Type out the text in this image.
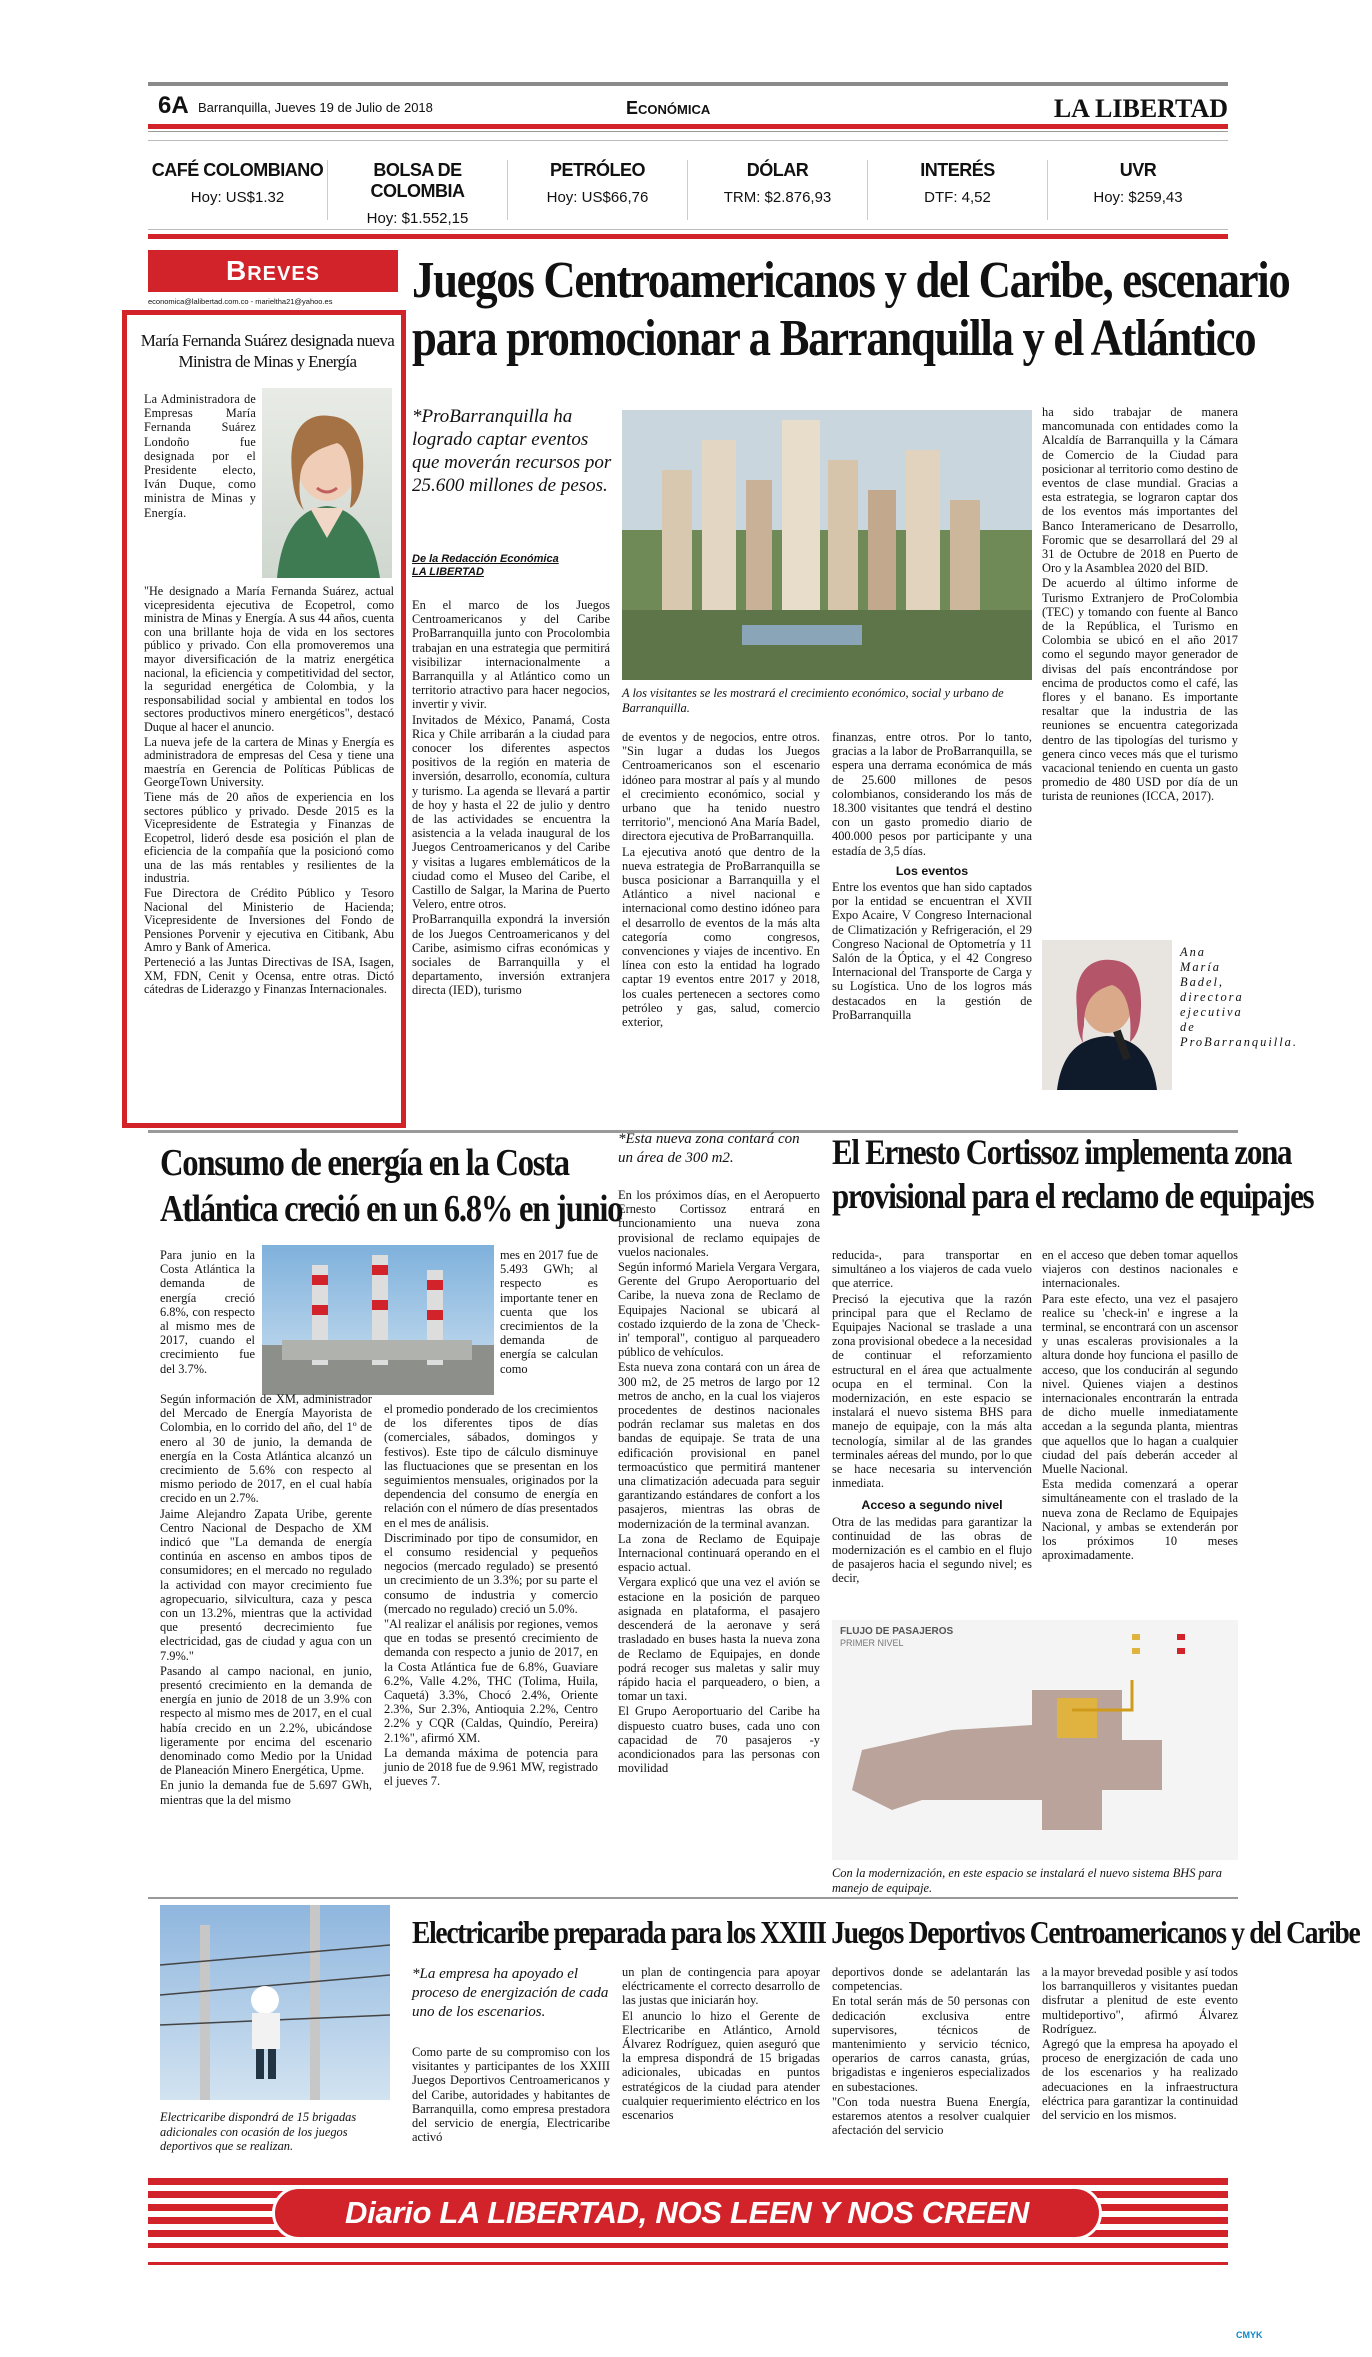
6A Barranquilla, Jueves 19 de Julio de 2018	Económica	LA LIBERTAD
CAFÉ COLOMBIANO
Hoy: US$1.32
BOLSA DE COLOMBIA
Hoy: $1.552,15
PETRÓLEO
Hoy: US$66,76
DÓLAR
TRM: $2.876,93
INTERÉS
DTF: 4,52
UVR
Hoy: $259,43
Breves
economica@lalibertad.com.co - marieltha21@yahoo.es
María Fernanda Suárez designada nueva Ministra de Minas y Energía

La Administradora de Empresas María Fernanda Suárez Londoño fue designada por el Presidente electo, Iván Duque, como ministra de Minas y Energía.

"He designado a María Fernanda Suárez, actual vicepresidenta ejecutiva de Ecopetrol, como ministra de Minas y Energía. A sus 44 años, cuenta con una brillante hoja de vida en los sectores público y privado. Con ella promoveremos una mayor diversificación de la matriz energética nacional, la eficiencia y competitividad del sector, la seguridad energética de Colombia, y la responsabilidad social y ambiental en todos los sectores productivos minero energéticos", destacó Duque al hacer el anuncio.

La nueva jefe de la cartera de Minas y Energía es administradora de empresas del Cesa y tiene una maestría en Gerencia de Políticas Públicas de GeorgeTown University.

Tiene más de 20 años de experiencia en los sectores público y privado. Desde 2015 es la Vicepresidente de Estrategia y Finanzas de Ecopetrol, lideró desde esa posición el plan de eficiencia de la compañía que la posicionó como una de las más rentables y resilientes de la industria.

Fue Directora de Crédito Público y Tesoro Nacional del Ministerio de Hacienda; Vicepresidente de Inversiones del Fondo de Pensiones Porvenir y ejecutiva en Citibank, Abu Amro y Bank of America.

Perteneció a las Juntas Directivas de ISA, Isagen, XM, FDN, Cenit y Ocensa, entre otras. Dictó cátedras de Liderazgo y Finanzas Internacionales.

Juegos Centroamericanos y del Caribe, escenario
para promocionar a Barranquilla y el Atlántico
*ProBarranquilla ha logrado captar eventos que moverán recursos por 25.600 millones de pesos.
De la Redacción Económica
LA LIBERTAD

En el marco de los Juegos Centroamericanos y del Caribe ProBarranquilla junto con Procolombia trabajan en una estrategia que permitirá visibilizar internacionalmente a Barranquilla y al Atlántico como un territorio atractivo para hacer negocios, invertir y vivir.

Invitados de México, Panamá, Costa Rica y Chile arribarán a la ciudad para conocer los diferentes aspectos positivos de la región en materia de inversión, desarrollo, economía, cultura y turismo. La agenda se llevará a partir de hoy y hasta el 22 de julio y dentro de las actividades se encuentra la asistencia a la velada inaugural de los Juegos Centroamericanos y del Caribe y visitas a lugares emblemáticos de la ciudad como el Museo del Caribe, el Castillo de Salgar, la Marina de Puerto Velero, entre otros.

ProBarranquilla expondrá la inversión de los Juegos Centroamericanos y del Caribe, asimismo cifras económicas y sociales de Barranquilla y el departamento, inversión extranjera directa (IED), turismo

A los visitantes se les mostrará el crecimiento económico, social y urbano de Barranquilla.

de eventos y de negocios, entre otros. "Sin lugar a dudas los Juegos Centroamericanos son el escenario idóneo para mostrar al país y al mundo el crecimiento económico, social y urbano que ha tenido nuestro territorio", mencionó Ana María Badel, directora ejecutiva de ProBarranquilla.

La ejecutiva anotó que dentro de la nueva estrategia de ProBarranquilla se busca posicionar a Barranquilla y el Atlántico a nivel nacional e internacional como destino idóneo para el desarrollo de eventos de la más alta categoría como congresos, convenciones y viajes de incentivo. En línea con esto la entidad ha logrado captar 19 eventos entre 2017 y 2018, los cuales pertenecen a sectores como petróleo y gas, salud, comercio exterior,

finanzas, entre otros. Por lo tanto, gracias a la labor de ProBarranquilla, se espera una derrama económica de más de 25.600 millones de pesos colombianos, considerando los más de 18.300 visitantes que tendrá el destino con un gasto promedio diario de 400.000 pesos por participante y una estadía de 3,5 días.

Los eventos

Entre los eventos que han sido captados por la entidad se encuentran el XVII Expo Acaire, V Congreso Internacional de Climatización y Refrigeración, el 29 Congreso Nacional de Optometría y 11 Salón de la Óptica, y el 42 Congreso Internacional del Transporte de Carga y su Logística. Uno de los logros más destacados en la gestión de ProBarranquilla

ha sido trabajar de manera mancomunada con entidades como la Alcaldía de Barranquilla y la Cámara de Comercio de la Ciudad para posicionar al territorio como destino de eventos de clase mundial. Gracias a esta estrategia, se lograron captar dos de los eventos más importantes del Banco Interamericano de Desarrollo, Foromic que se desarrollará del 29 al 31 de Octubre de 2018 en Puerto de Oro y la Asamblea 2020 del BID.

De acuerdo al último informe de Turismo Extranjero de ProColombia (TEC) y tomando con fuente al Banco de la República, el Turismo en Colombia se ubicó en el año 2017 como el segundo mayor generador de divisas del país encontrándose por encima de productos como el café, las flores y el banano. Es importante resaltar que la industria de las reuniones se encuentra categorizada dentro de las tipologías del turismo y genera cinco veces más que el turismo vacacional teniendo en cuenta un gasto promedio de 480 USD por día de un turista de reuniones (ICCA, 2017).

Ana María Badel, directora ejecutiva de ProBarranquilla.
Consumo de energía en la Costa
Atlántica creció en un 6.8% en junio
Para junio en la Costa Atlántica la demanda de energía creció 6.8%, con respecto al mismo mes de 2017, cuando el crecimiento fue del 3.7%.
mes en 2017 fue de 5.493 GWh; al respecto es importante tener en cuenta que los crecimientos de la demanda de energía se calculan como

Según información de XM, administrador del Mercado de Energía Mayorista de Colombia, en lo corrido del año, del 1º de enero al 30 de junio, la demanda de energía en la Costa Atlántica alcanzó un crecimiento de 5.6% con respecto al mismo periodo de 2017, en el cual había crecido en un 2.7%.

Jaime Alejandro Zapata Uribe, gerente Centro Nacional de Despacho de XM indicó que "La demanda de energía continúa en ascenso en ambos tipos de consumidores; en el mercado no regulado la actividad con mayor crecimiento fue agropecuario, silvicultura, caza y pesca con un 13.2%, mientras que la actividad que presentó decrecimiento fue electricidad, gas de ciudad y agua con un 7.9%."

Pasando al campo nacional, en junio, presentó crecimiento en la demanda de energía en junio de 2018 de un 3.9% con respecto al mismo mes de 2017, en el cual había crecido en un 2.2%, ubicándose ligeramente por encima del escenario denominado como Medio por la Unidad de Planeación Minero Energética, Upme.

En junio la demanda fue de 5.697 GWh, mientras que la del mismo

el promedio ponderado de los crecimientos de los diferentes tipos de días (comerciales, sábados, domingos y festivos). Este tipo de cálculo disminuye las fluctuaciones que se presentan en los seguimientos mensuales, originados por la dependencia del consumo de energía en relación con el número de días presentados en el mes de análisis.

Discriminado por tipo de consumidor, en el consumo residencial y pequeños negocios (mercado regulado) se presentó un crecimiento de un 3.3%; por su parte el consumo de industria y comercio (mercado no regulado) creció un 5.0%.

"Al realizar el análisis por regiones, vemos que en todas se presentó crecimiento de demanda con respecto a junio de 2017, en la Costa Atlántica fue de 6.8%, Guaviare 6.2%, Valle 4.2%, THC (Tolima, Huila, Caquetá) 3.3%, Chocó 2.4%, Oriente 2.3%, Sur 2.3%, Antioquia 2.2%, Centro 2.2% y CQR (Caldas, Quindío, Pereira) 2.1%", afirmó XM.

La demanda máxima de potencia para junio de 2018 fue de 9.961 MW, registrado el jueves 7.

*Esta nueva zona contará con un área de 300 m2.	El Ernesto Cortissoz implementa zona
provisional para el reclamo de equipajes

En los próximos días, en el Aeropuerto Ernesto Cortissoz entrará en funcionamiento una nueva zona provisional de reclamo equipajes de vuelos nacionales.

Según informó Mariela Vergara Vergara, Gerente del Grupo Aeroportuario del Caribe, la nueva zona de Reclamo de Equipajes Nacional se ubicará al costado izquierdo de la zona de 'Check-in' temporal", contiguo al parqueadero público de vehículos.

Esta nueva zona contará con un área de 300 m2, de 25 metros de largo por 12 metros de ancho, en la cual los viajeros procedentes de destinos nacionales podrán reclamar sus maletas en dos bandas de equipaje. Se trata de una edificación provisional en panel termoacústico que permitirá mantener una climatización adecuada para seguir garantizando estándares de confort a los pasajeros, mientras las obras de modernización de la terminal avanzan.

La zona de Reclamo de Equipaje Internacional continuará operando en el espacio actual.

Vergara explicó que una vez el avión se estacione en la posición de parqueo asignada en plataforma, el pasajero descenderá de la aeronave y será trasladado en buses hasta la nueva zona de Reclamo de Equipajes, en donde podrá recoger sus maletas y salir muy rápido hacia el parqueadero, o bien, a tomar un taxi.

El Grupo Aeroportuario del Caribe ha dispuesto cuatro buses, cada uno con capacidad de 70 pasajeros -y acondicionados para las personas con movilidad

reducida-, para transportar en simultáneo a los viajeros de cada vuelo que aterrice.

Precisó la ejecutiva que la razón principal para que el Reclamo de Equipajes Nacional se traslade a una zona provisional obedece a la necesidad de continuar el reforzamiento estructural en el área que actualmente ocupa en el terminal. Con la modernización, en este espacio se instalará el nuevo sistema BHS para manejo de equipaje, con la más alta tecnología, similar al de las grandes terminales aéreas del mundo, por lo que se hace necesaria su intervención inmediata.

Acceso a segundo nivel

Otra de las medidas para garantizar la continuidad de las obras de modernización es el cambio en el flujo de pasajeros hacia el segundo nivel; es decir,

en el acceso que deben tomar aquellos viajeros con destinos nacionales e internacionales.

Para este efecto, una vez el pasajero realice su 'check-in' e ingrese a la terminal, se encontrará con un ascensor y unas escaleras provisionales a la altura donde hoy funciona el pasillo de acceso, que los conducirán al segundo nivel. Quienes viajen a destinos internacionales encontrarán la entrada de dicho muelle inmediatamente accedan a la segunda planta, mientras que aquellos que lo hagan a cualquier ciudad del país deberán acceder al Muelle Nacional.

Esta medida comenzará a operar simultáneamente con el traslado de la nueva zona de Reclamo de Equipajes Nacional, y ambas se extenderán por los próximos 10 meses aproximadamente.

FLUJO DE PASAJEROS
PRIMER NIVEL
Con la modernización, en este espacio se instalará el nuevo sistema BHS para manejo de equipaje.
Electricaribe dispondrá de 15 brigadas adicionales con ocasión de los juegos deportivos que se realizan.
Electricaribe preparada para los XXIII Juegos Deportivos Centroamericanos y del Caribe
*La empresa ha apoyado el proceso de energización de cada uno de los escenarios.

Como parte de su compromiso con los visitantes y participantes de los XXIII Juegos Deportivos Centroamericanos y del Caribe, autoridades y habitantes de Barranquilla, como empresa prestadora del servicio de energía, Electricaribe activó

un plan de contingencia para apoyar eléctricamente el correcto desarrollo de las justas que iniciarán hoy.

El anuncio lo hizo el Gerente de Electricaribe en Atlántico, Arnold Álvarez Rodríguez, quien aseguró que la empresa dispondrá de 15 brigadas adicionales, ubicadas en puntos estratégicos de la ciudad para atender cualquier requerimiento eléctrico en los escenarios

deportivos donde se adelantarán las competencias.

En total serán más de 50 personas con dedicación exclusiva entre supervisores, técnicos de mantenimiento y servicio técnico, operarios de carros canasta, grúas, brigadistas e ingenieros especializados en subestaciones.

"Con toda nuestra Buena Energía, estaremos atentos a resolver cualquier afectación del servicio

a la mayor brevedad posible y así todos los barranquilleros y visitantes puedan disfrutar a plenitud de este evento multideportivo", afirmó Álvarez Rodríguez.

Agregó que la empresa ha apoyado el proceso de energización de cada uno de los escenarios y ha realizado adecuaciones en la infraestructura eléctrica para garantizar la continuidad del servicio en los mismos.

Diario LA LIBERTAD, NOS LEEN Y NOS CREEN
CMYK
